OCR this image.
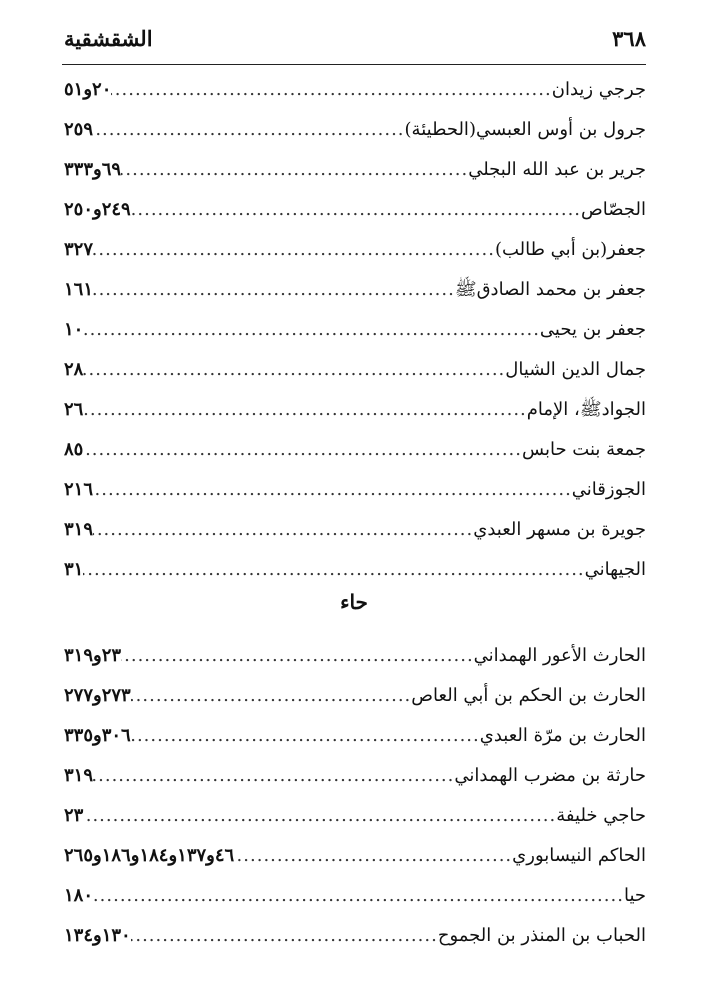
الشقشقية	٣٦٨
جرجي زيدان
.....
٢٠و٥١
جرول بن أوس العبسي(الحطيئة)
.....
٢٥٩
جرير بن عبد الله البجلي
.....
٦٩و٣٣٣
الجصّاص
.....
٢٤٩و٢٥٠
جعفر(بن أبي طالب)
.....
٣٢٧
جعفر بن محمد الصادقﷺ
.....
١٦١
جعفر بن يحيى
.....
١٠
جمال الدين الشيال
.....
٢٨
الجوادﷺ، الإمام
.....
٢٦
جمعة بنت حابس
.....
٨٥
الجوزقاني
.....
٢١٦
جويرة بن مسهر العبدي
.....
٣١٩
الجيهاني
.....
٣١
الحارث الأعور الهمداني
.....
٢٣و٣١٩
الحارث بن الحكم بن أبي العاص
.....
٢٧٣و٢٧٧
الحارث بن مرّة العبدي
.....
٣٠٦و٣٣٥
حارثة بن مضرب الهمداني
.....
٣١٩
حاجي خليفة
.....
٢٣
الحاكم النيسابوري
.....
٤٦و١٣٧و١٨٤و١٨٦و٢٦٥
حيا
.....
١٨٠
الحباب بن المنذر بن الجموح
.....
١٣٠و١٣٤
حاء
